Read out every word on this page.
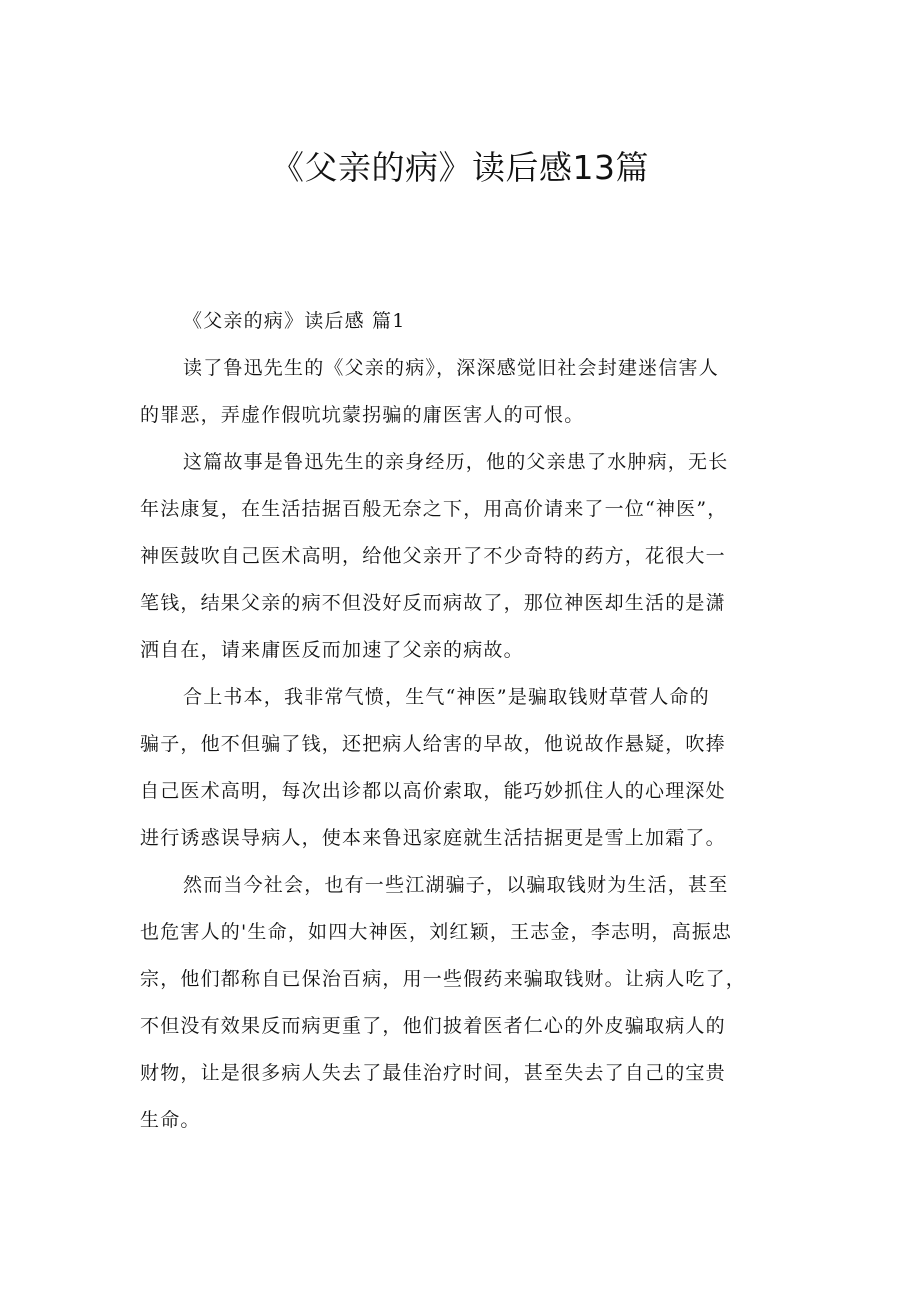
《父亲的病》读后感13篇
《父亲的病》读后感 篇1
读了鲁迅先生的《父亲的病》，深深感觉旧社会封建迷信害人
的罪恶，弄虚作假吭坑蒙拐骗的庸医害人的可恨。
这篇故事是鲁迅先生的亲身经历，他的父亲患了水肿病，无长
年法康复，在生活拮据百般无奈之下，用高价请来了一位“神医”，
神医鼓吹自己医术高明，给他父亲开了不少奇特的药方，花很大一
笔钱，结果父亲的病不但没好反而病故了，那位神医却生活的是潇
洒自在，请来庸医反而加速了父亲的病故。
合上书本，我非常气愤，生气“神医”是骗取钱财草菅人命的
骗子，他不但骗了钱，还把病人给害的早故，他说故作悬疑，吹捧
自己医术高明，每次出诊都以高价索取，能巧妙抓住人的心理深处
进行诱惑误导病人，使本来鲁迅家庭就生活拮据更是雪上加霜了。
然而当今社会，也有一些江湖骗子，以骗取钱财为生活，甚至
也危害人的'生命，如四大神医，刘红颖，王志金，李志明，高振忠
宗，他们都称自已保治百病，用一些假药来骗取钱财。让病人吃了，
不但没有效果反而病更重了，他们披着医者仁心的外皮骗取病人的
财物，让是很多病人失去了最佳治疗时间，甚至失去了自己的宝贵
生命。
